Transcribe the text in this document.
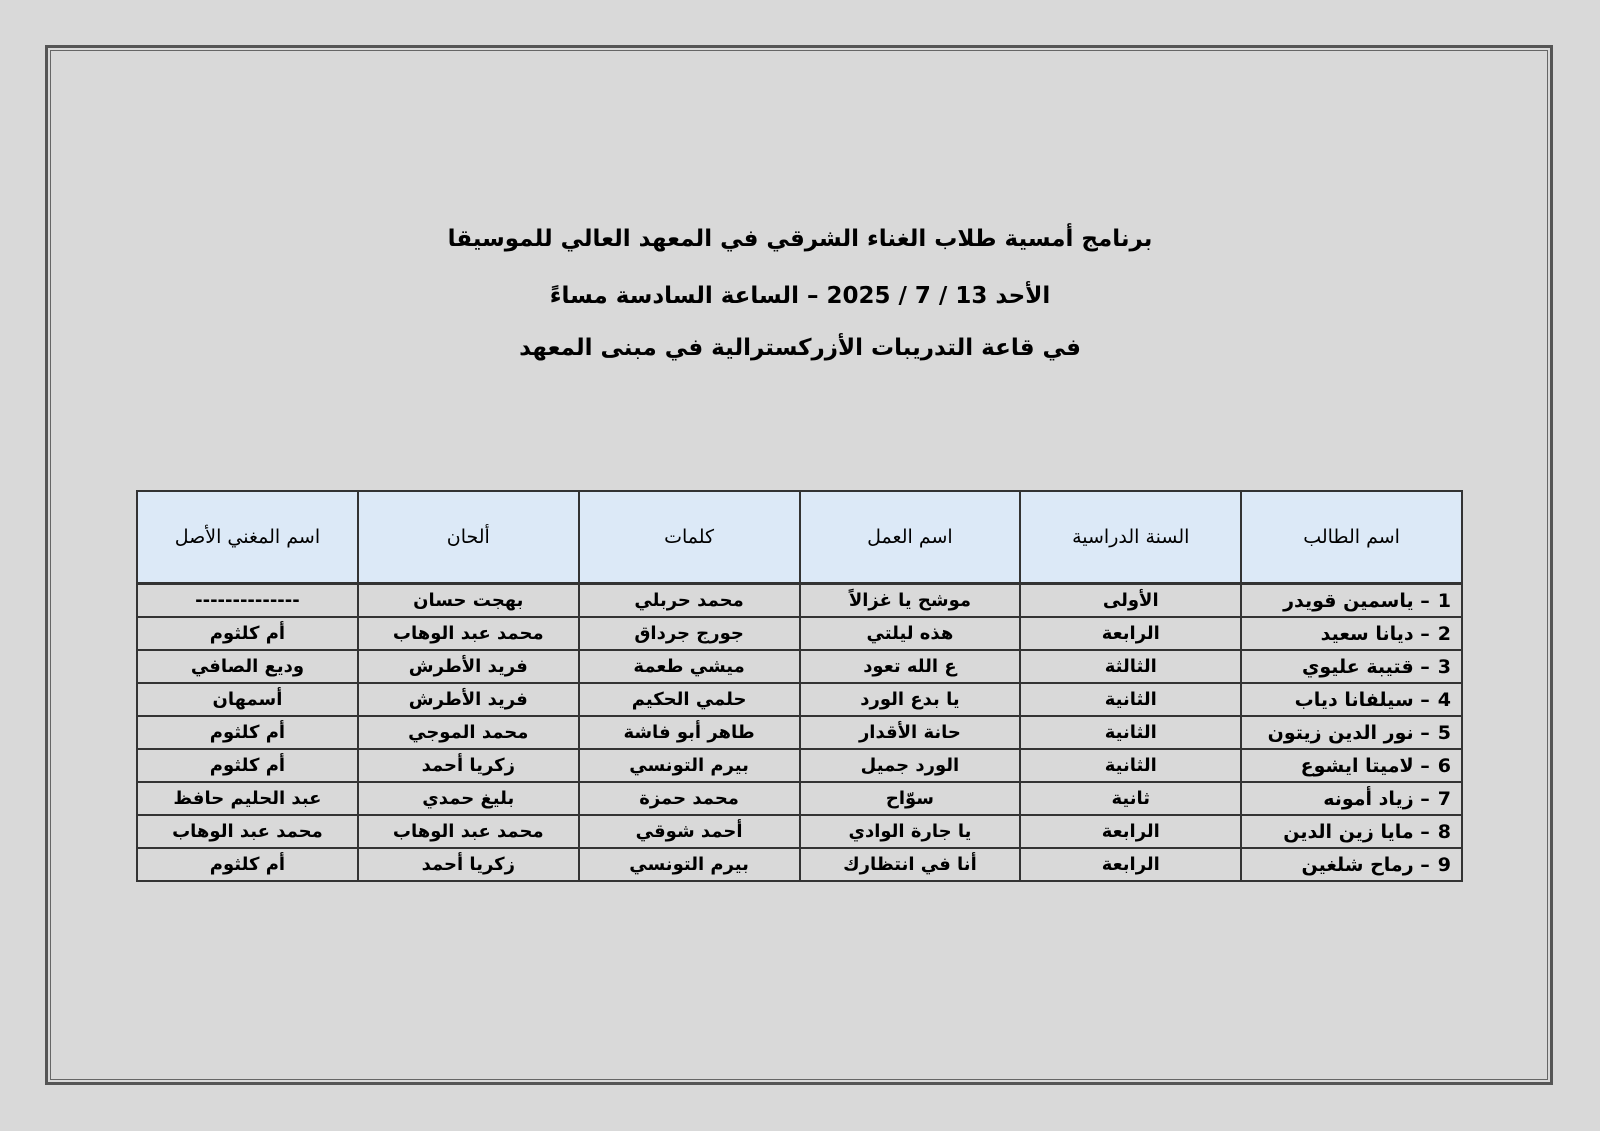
برنامج أمسية طلاب الغناء الشرقي في المعهد العالي للموسيقا
الأحد 13 / 7 / 2025 – الساعة السادسة مساءً
في قاعة التدريبات الأزركسترالية في مبنى المعهد
اسم الطالب	السنة الدراسية	اسم العمل	كلمات	ألحان	اسم المغني الأصل
1– ياسمين قويدر	الأولى	موشح يا غزالاً	محمد حربلي	بهجت حسان	--------------
2– ديانا سعيد	الرابعة	هذه ليلتي	جورج جرداق	محمد عبد الوهاب	أم كلثوم
3– قتيبة عليوي	الثالثة	ع الله تعود	ميشي طعمة	فريد الأطرش	وديع الصافي
4– سيلفانا دياب	الثانية	يا بدع الورد	حلمي الحكيم	فريد الأطرش	أسمهان
5– نور الدين زيتون	الثانية	حانة الأقدار	طاهر أبو فاشة	محمد الموجي	أم كلثوم
6– لاميتا ايشوع	الثانية	الورد جميل	بيرم التونسي	زكريا أحمد	أم كلثوم
7– زياد أمونه	ثانية	سوّاح	محمد حمزة	بليغ حمدي	عبد الحليم حافظ
8– مايا زين الدين	الرابعة	يا جارة الوادي	أحمد شوقي	محمد عبد الوهاب	محمد عبد الوهاب
9– رماح شلغين	الرابعة	أنا في انتظارك	بيرم التونسي	زكريا أحمد	أم كلثوم
